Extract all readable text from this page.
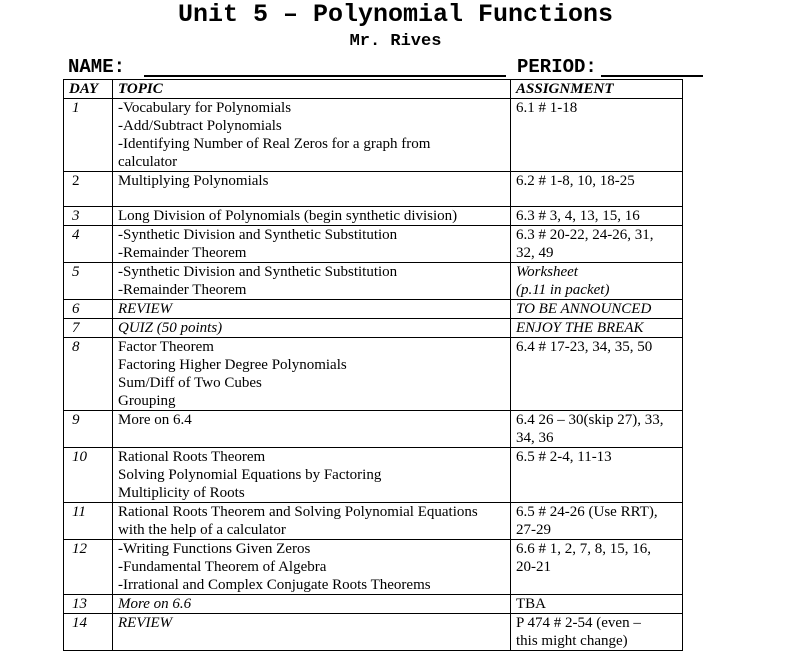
Unit 5 – Polynomial Functions
Mr. Rives
NAME:	PERIOD:
DAY	TOPIC	ASSIGNMENT
1	-Vocabulary for Polynomials
-Add/Subtract Polynomials
-Identifying Number of Real Zeros for a graph from
calculator	6.1 # 1-18

2	Multiplying Polynomials	6.2 # 1-8, 10, 18-25

3	Long Division of Polynomials (begin synthetic division)	6.3 # 3, 4, 13, 15, 16

4	-Synthetic Division and Synthetic Substitution
-Remainder Theorem	6.3 # 20-22, 24-26, 31,
32, 49

5	-Synthetic Division and Synthetic Substitution
-Remainder Theorem	Worksheet
(p.11 in packet)

6	REVIEW	TO BE ANNOUNCED

7	QUIZ (50 points)	ENJOY THE BREAK

8	Factor Theorem
Factoring Higher Degree Polynomials
Sum/Diff of Two Cubes
Grouping	6.4 # 17-23, 34, 35, 50

9	More on 6.4	6.4 26 – 30(skip 27), 33,
34, 36

10	Rational Roots Theorem
Solving Polynomial Equations by Factoring
Multiplicity of Roots	6.5 # 2-4, 11-13

11	Rational Roots Theorem and Solving Polynomial Equations
with the help of a calculator	6.5 # 24-26 (Use RRT),
27-29

12	-Writing Functions Given Zeros
-Fundamental Theorem of Algebra
-Irrational and Complex Conjugate Roots Theorems	6.6 # 1, 2, 7, 8, 15, 16,
20-21

13	More on 6.6	TBA

14	REVIEW	P 474 # 2-54 (even –
this might change)
